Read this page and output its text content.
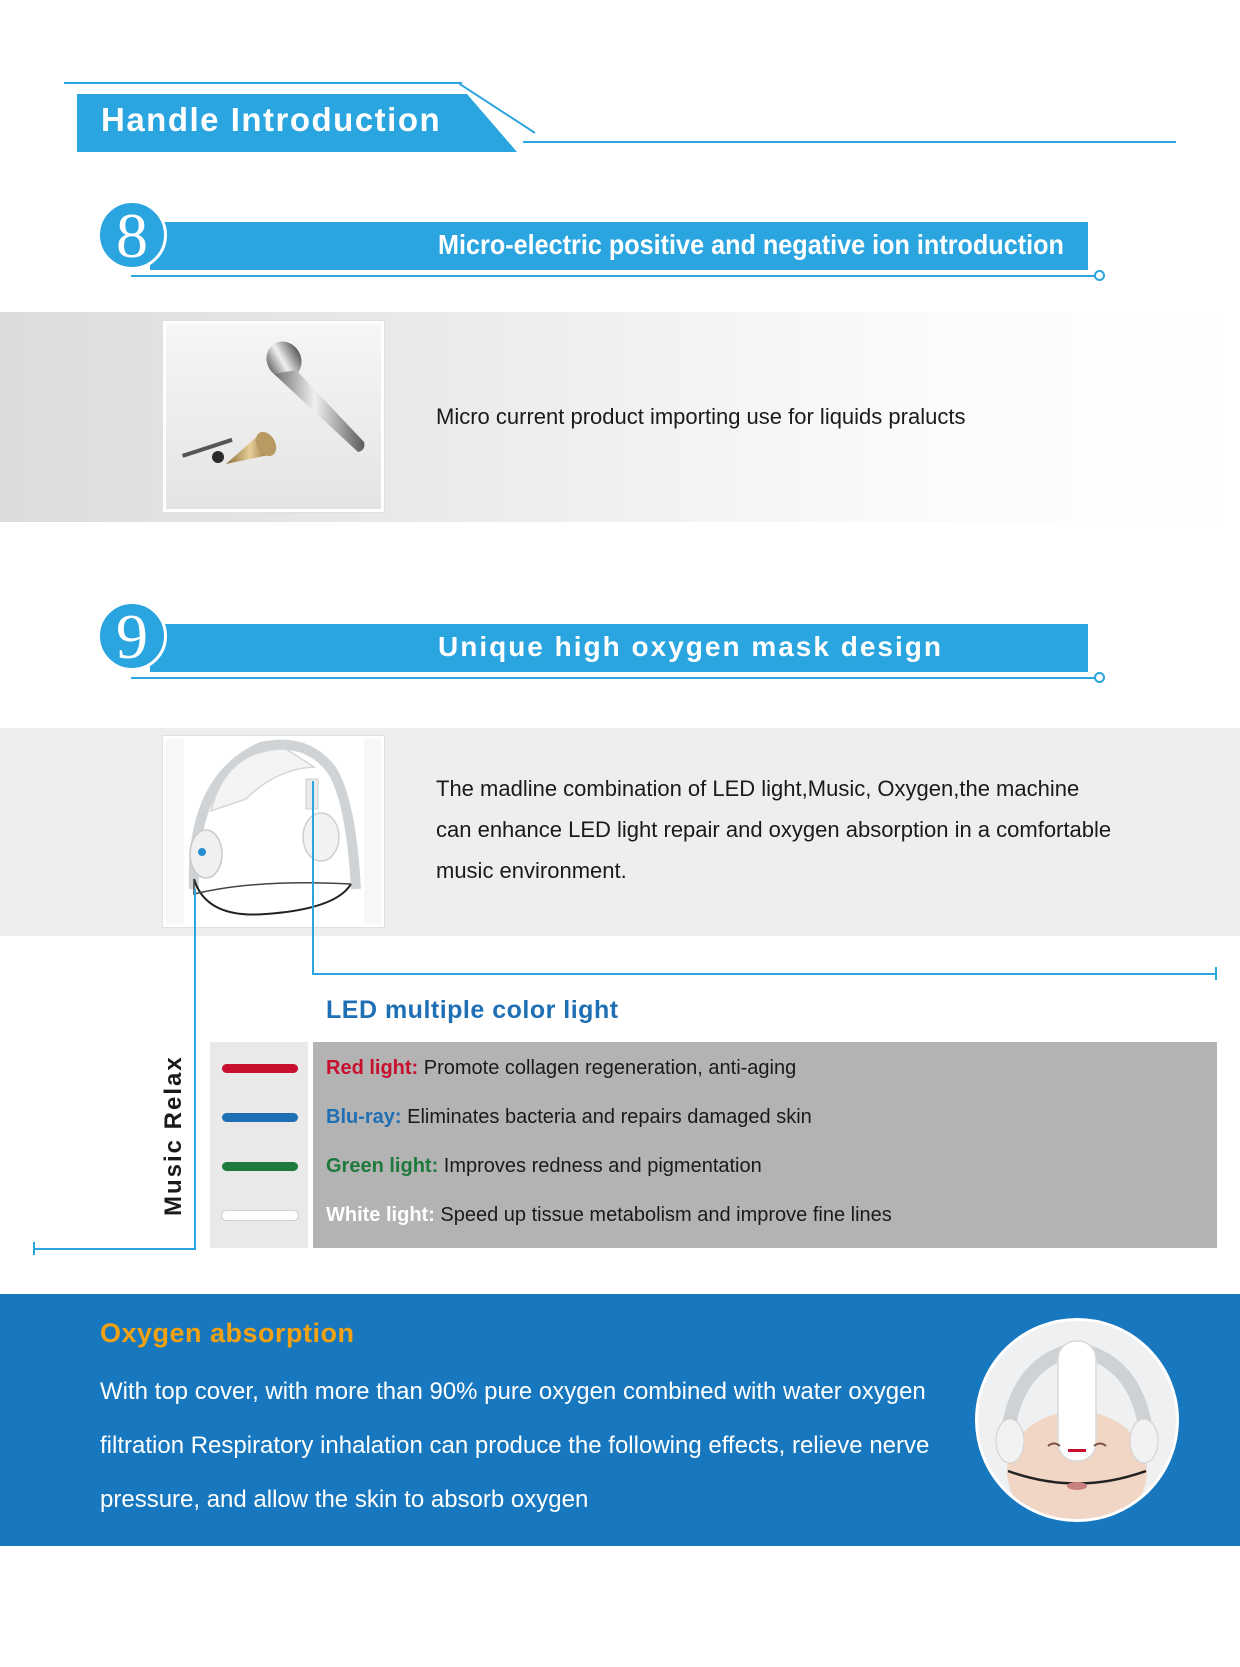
Handle Introduction
8	Micro-electric positive and negative ion introduction
Micro current product importing use for liquids pralucts
9	Unique high oxygen mask design
The madline combination of LED light,Music, Oxygen,the machine
can enhance LED light repair and oxygen absorption in a comfortable
music environment.
LED multiple color light
Red light: Promote collagen regeneration, anti-aging
Blu-ray: Eliminates bacteria and repairs damaged skin
Green light: Improves redness and pigmentation
White light: Speed up tissue metabolism and improve fine lines
Music Relax
Oxygen absorption
With top cover, with more than 90% pure oxygen combined with water oxygen
filtration Respiratory inhalation can produce the following effects, relieve nerve
pressure, and allow the skin to absorb oxygen
